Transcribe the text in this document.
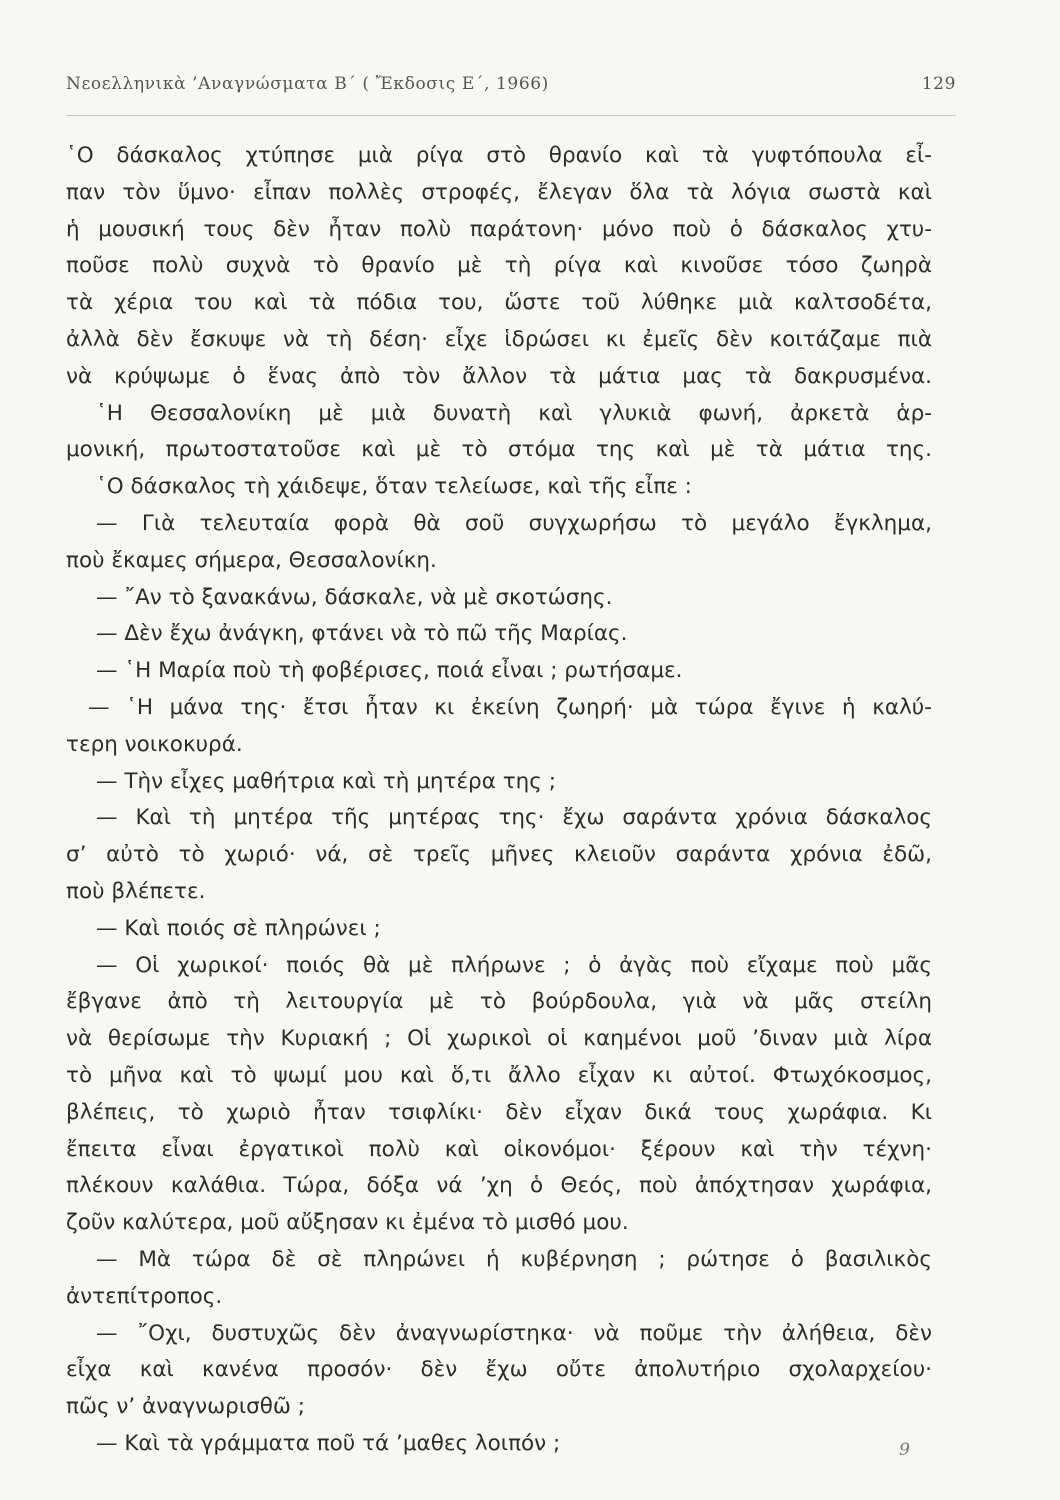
Νεοελληνικὰ ’Αναγνώσματα Β΄ ( Ἔκδοσις Ε΄, 1966)	129
῾Ο δάσκαλος χτύπησε μιὰ ρίγα στὸ θρανίο καὶ τὰ γυφτόπουλα εἶ-
παν τὸν ὕμνο· εἶπαν πολλὲς στροφές, ἔλεγαν ὅλα τὰ λόγια σωστὰ καὶ
ἡ μουσική τους δὲν ἦταν πολὺ παράτονη· μόνο ποὺ ὁ δάσκαλος χτυ-
ποῦσε πολὺ συχνὰ τὸ θρανίο μὲ τὴ ρίγα καὶ κινοῦσε τόσο ζωηρὰ
τὰ χέρια του καὶ τὰ πόδια του, ὥστε τοῦ λύθηκε μιὰ καλτσοδέτα,
ἀλλὰ δὲν ἔσκυψε νὰ τὴ δέση· εἶχε ἱδρώσει κι ἐμεῖς δὲν κοιτάζαμε πιὰ
νὰ κρύψωμε ὁ ἕνας ἀπὸ τὸν ἄλλον τὰ μάτια μας τὰ δακρυσμένα.
῾Η Θεσσαλονίκη μὲ μιὰ δυνατὴ καὶ γλυκιὰ φωνή, ἀρκετὰ ἁρ-
μονική, πρωτοστατοῦσε καὶ μὲ τὸ στόμα της καὶ μὲ τὰ μάτια της.
῾Ο δάσκαλος τὴ χάιδεψε, ὅταν τελείωσε, καὶ τῆς εἶπε :
— Γιὰ τελευταία φορὰ θὰ σοῦ συγχωρήσω τὸ μεγάλο ἔγκλημα,
ποὺ ἔκαμες σήμερα, Θεσσαλονίκη.
— ῎Αν τὸ ξανακάνω, δάσκαλε, νὰ μὲ σκοτώσης.
— Δὲν ἔχω ἀνάγκη, φτάνει νὰ τὸ πῶ τῆς Μαρίας.
— ῾Η Μαρία ποὺ τὴ φοβέρισες, ποιά εἶναι ; ρωτήσαμε.
— ῾Η μάνα της· ἔτσι ἦταν κι ἐκείνη ζωηρή· μὰ τώρα ἔγινε ἡ καλύ-
τερη νοικοκυρά.
— Τὴν εἶχες μαθήτρια καὶ τὴ μητέρα της ;
— Καὶ τὴ μητέρα τῆς μητέρας της· ἔχω σαράντα χρόνια δάσκαλος
σ’ αὐτὸ τὸ χωριό· νά, σὲ τρεῖς μῆνες κλειοῦν σαράντα χρόνια ἐδῶ,
ποὺ βλέπετε.
— Καὶ ποιός σὲ πληρώνει ;
— Οἱ χωρικοί· ποιός θὰ μὲ πλήρωνε ; ὁ ἀγὰς ποὺ εἴχαμε ποὺ μᾶς
ἔβγανε ἀπὸ τὴ λειτουργία μὲ τὸ βούρδουλα, γιὰ νὰ μᾶς στείλη
νὰ θερίσωμε τὴν Κυριακή ; Οἱ χωρικοὶ οἱ καημένοι μοῦ ’διναν μιὰ λίρα
τὸ μῆνα καὶ τὸ ψωμί μου καὶ ὅ,τι ἄλλο εἶχαν κι αὐτοί. Φτωχόκοσμος,
βλέπεις, τὸ χωριὸ ἦταν τσιφλίκι· δὲν εἶχαν δικά τους χωράφια. Κι
ἔπειτα εἶναι ἐργατικοὶ πολὺ καὶ οἰκονόμοι· ξέρουν καὶ τὴν τέχνη·
πλέκουν καλάθια. Τώρα, δόξα νά ’χη ὁ Θεός, ποὺ ἀπόχτησαν χωράφια,
ζοῦν καλύτερα, μοῦ αὔξησαν κι ἐμένα τὸ μισθό μου.
— Μὰ τώρα δὲ σὲ πληρώνει ἡ κυβέρνηση ; ρώτησε ὁ βασιλικὸς
ἀντεπίτροπος.
— ῎Οχι, δυστυχῶς δὲν ἀναγνωρίστηκα· νὰ ποῦμε τὴν ἀλήθεια, δὲν
εἶχα καὶ κανένα προσόν· δὲν ἔχω οὔτε ἀπολυτήριο σχολαρχείου·
πῶς ν’ ἀναγνωρισθῶ ;
— Καὶ τὰ γράμματα ποῦ τά ’μαθες λοιπόν ;	9
